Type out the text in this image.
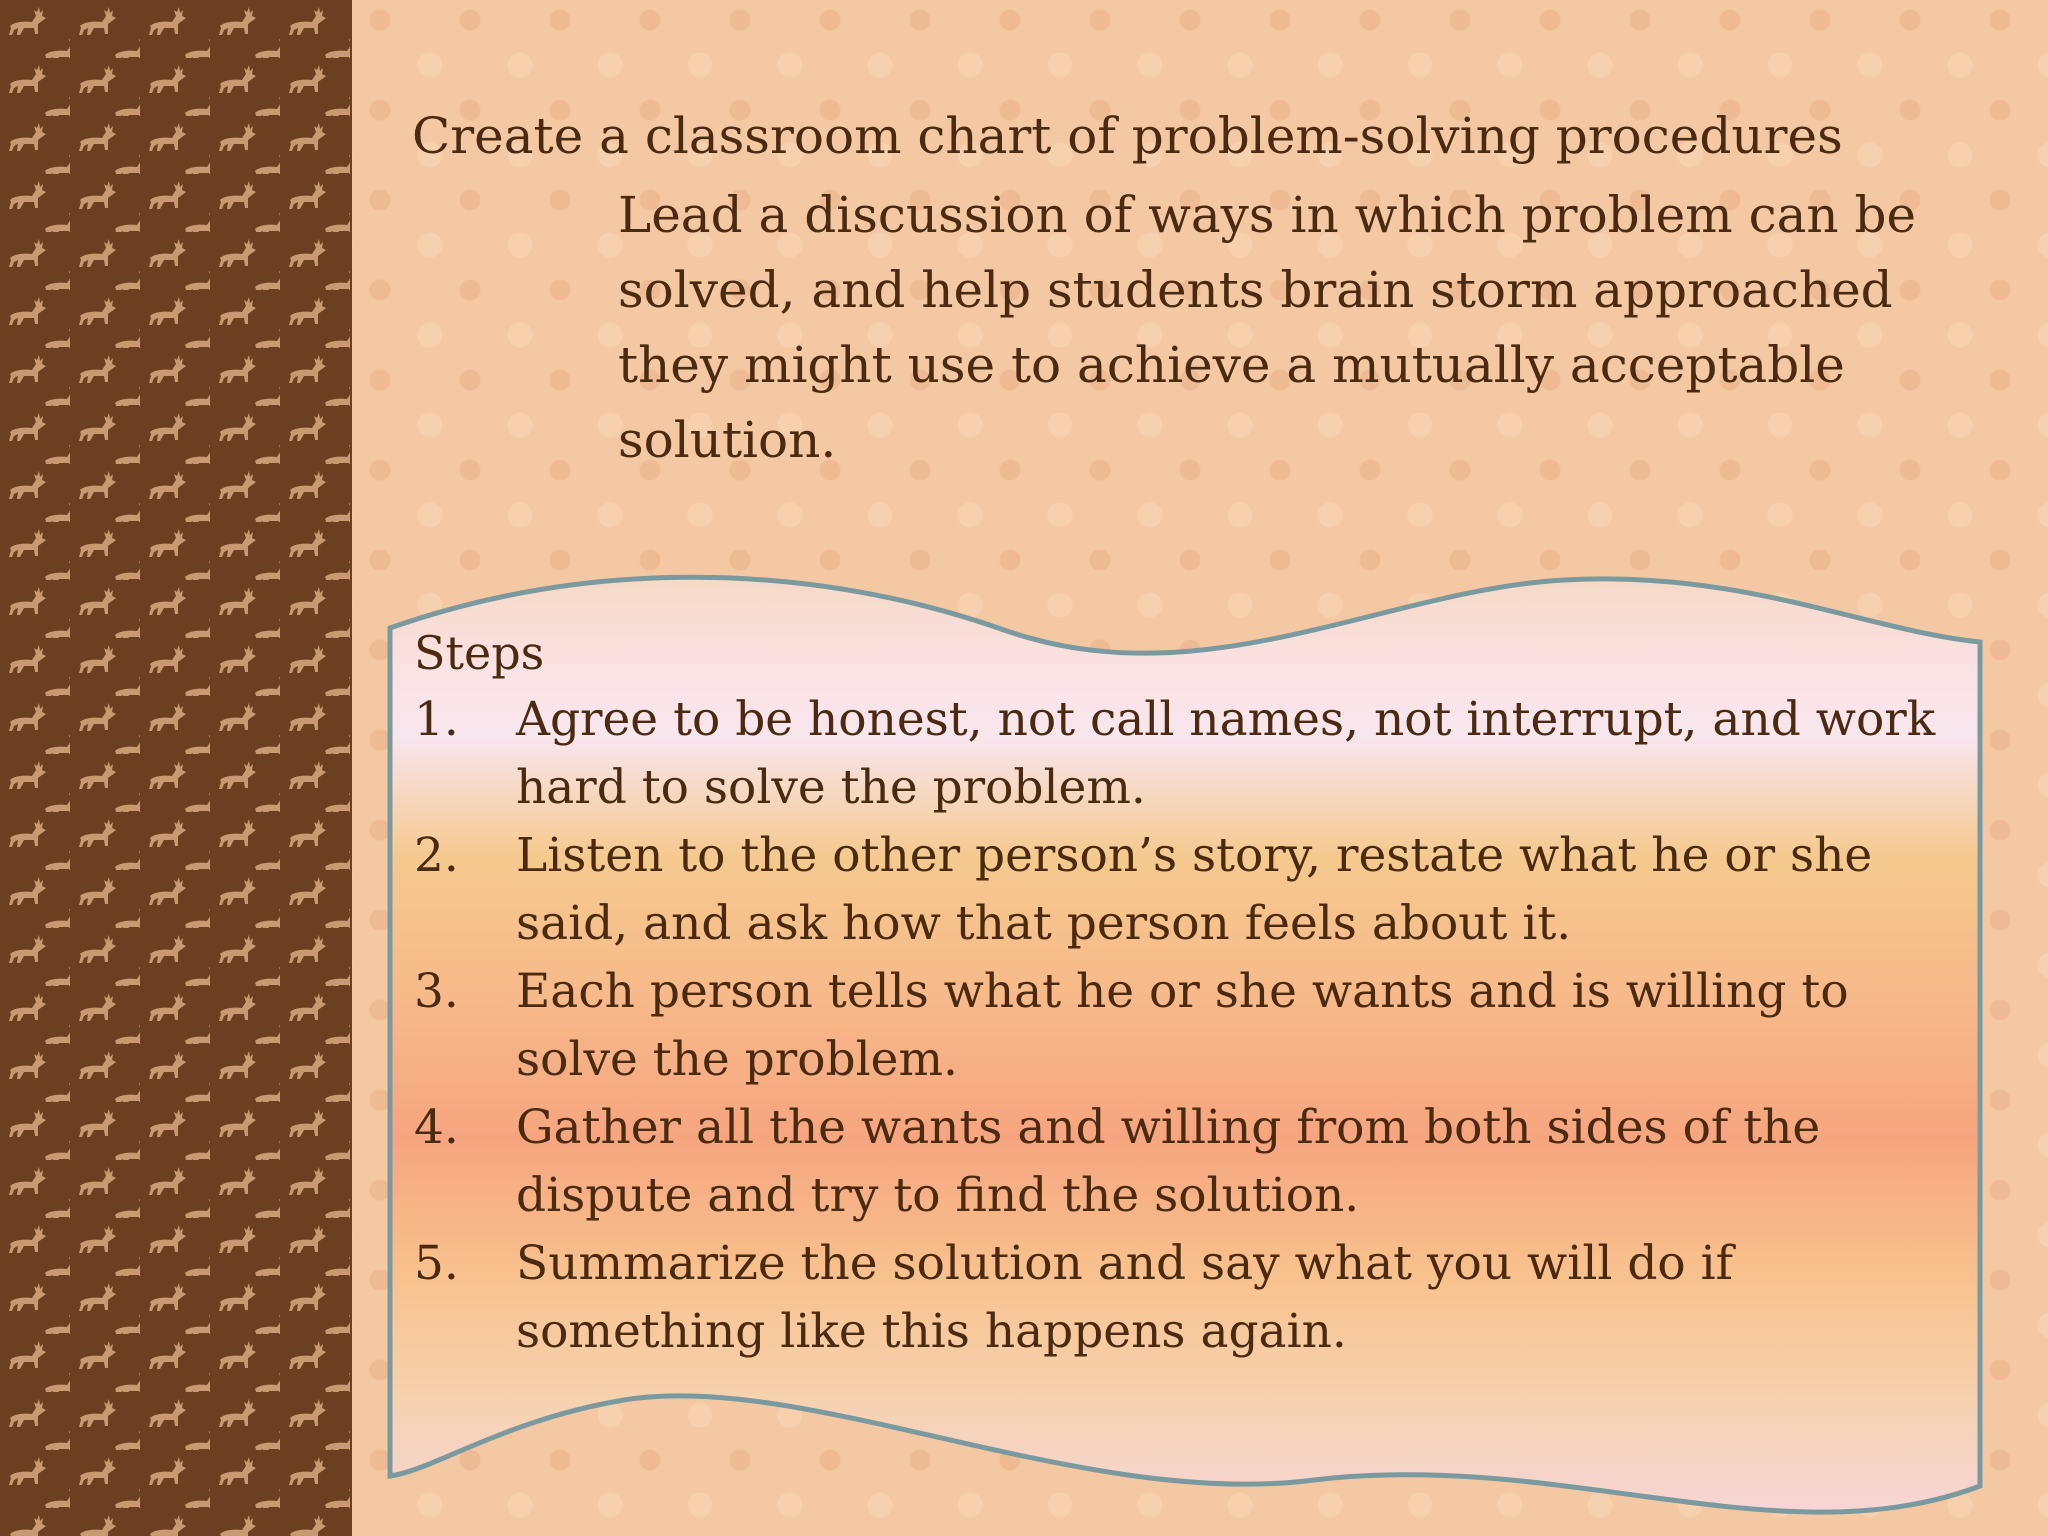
Create a classroom chart of problem-solving procedures
Lead a discussion of ways in which problem can be solved, and help students brain storm approached they might use to achieve a mutually acceptable solution.
Steps
1. Agree to be honest, not call names, not interrupt, and work hard to solve the problem.
2. Listen to the other person’s story, restate what he or she said, and ask how that person feels about it.
3. Each person tells what he or she wants and is willing to solve the problem.
4. Gather all the wants and willing from both sides of the dispute and try to find the solution.
5. Summarize the solution and say what you will do if something like this happens again.
